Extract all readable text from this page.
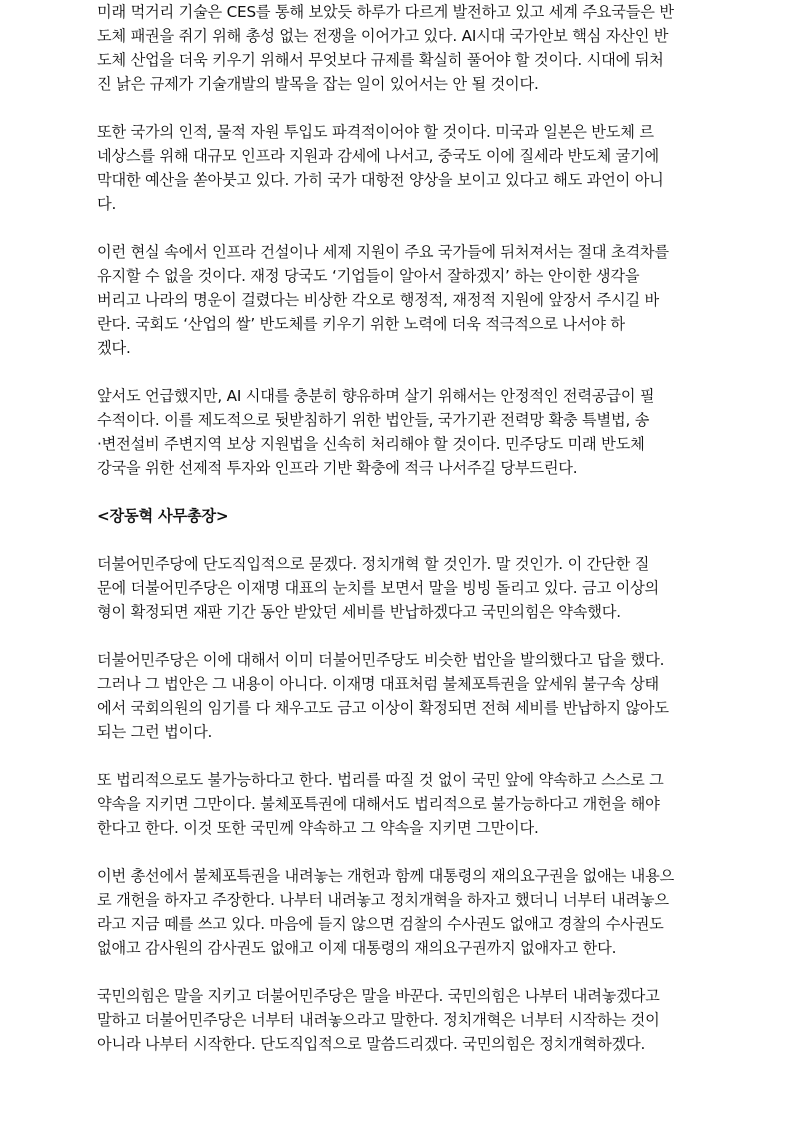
미래 먹거리 기술은 CES를 통해 보았듯 하루가 다르게 발전하고 있고 세계 주요국들은 반
도체 패권을 쥐기 위해 총성 없는 전쟁을 이어가고 있다. AI시대 국가안보 핵심 자산인 반
도체 산업을 더욱 키우기 위해서 무엇보다 규제를 확실히 풀어야 할 것이다. 시대에 뒤처
진 낡은 규제가 기술개발의 발목을 잡는 일이 있어서는 안 될 것이다.

또한 국가의 인적, 물적 자원 투입도 파격적이어야 할 것이다. 미국과 일본은 반도체 르
네상스를 위해 대규모 인프라 지원과 감세에 나서고, 중국도 이에 질세라 반도체 굴기에
막대한 예산을 쏟아붓고 있다. 가히 국가 대항전 양상을 보이고 있다고 해도 과언이 아니
다.

이런 현실 속에서 인프라 건설이나 세제 지원이 주요 국가들에 뒤처져서는 절대 초격차를
유지할 수 없을 것이다. 재정 당국도 ‘기업들이 알아서 잘하겠지’ 하는 안이한 생각을
버리고 나라의 명운이 걸렸다는 비상한 각오로 행정적, 재정적 지원에 앞장서 주시길 바
란다. 국회도 ‘산업의 쌀’ 반도체를 키우기 위한 노력에 더욱 적극적으로 나서야 하
겠다.

앞서도 언급했지만, AI 시대를 충분히 향유하며 살기 위해서는 안정적인 전력공급이 필
수적이다. 이를 제도적으로 뒷받침하기 위한 법안들, 국가기관 전력망 확충 특별법, 송
·변전설비 주변지역 보상 지원법을 신속히 처리해야 할 것이다. 민주당도 미래 반도체
강국을 위한 선제적 투자와 인프라 기반 확충에 적극 나서주길 당부드린다.

<장동혁 사무총장>

더불어민주당에 단도직입적으로 묻겠다. 정치개혁 할 것인가. 말 것인가. 이 간단한 질
문에 더불어민주당은 이재명 대표의 눈치를 보면서 말을 빙빙 돌리고 있다. 금고 이상의
형이 확정되면 재판 기간 동안 받았던 세비를 반납하겠다고 국민의힘은 약속했다.

더불어민주당은 이에 대해서 이미 더불어민주당도 비슷한 법안을 발의했다고 답을 했다.
그러나 그 법안은 그 내용이 아니다. 이재명 대표처럼 불체포특권을 앞세워 불구속 상태
에서 국회의원의 임기를 다 채우고도 금고 이상이 확정되면 전혀 세비를 반납하지 않아도
되는 그런 법이다.

또 법리적으로도 불가능하다고 한다. 법리를 따질 것 없이 국민 앞에 약속하고 스스로 그
약속을 지키면 그만이다. 불체포특권에 대해서도 법리적으로 불가능하다고 개헌을 해야
한다고 한다. 이것 또한 국민께 약속하고 그 약속을 지키면 그만이다.

이번 총선에서 불체포특권을 내려놓는 개헌과 함께 대통령의 재의요구권을 없애는 내용으
로 개헌을 하자고 주장한다. 나부터 내려놓고 정치개혁을 하자고 했더니 너부터 내려놓으
라고 지금 떼를 쓰고 있다. 마음에 들지 않으면 검찰의 수사권도 없애고 경찰의 수사권도
없애고 감사원의 감사권도 없애고 이제 대통령의 재의요구권까지 없애자고 한다.

국민의힘은 말을 지키고 더불어민주당은 말을 바꾼다. 국민의힘은 나부터 내려놓겠다고
말하고 더불어민주당은 너부터 내려놓으라고 말한다. 정치개혁은 너부터 시작하는 것이
아니라 나부터 시작한다. 단도직입적으로 말씀드리겠다. 국민의힘은 정치개혁하겠다.
